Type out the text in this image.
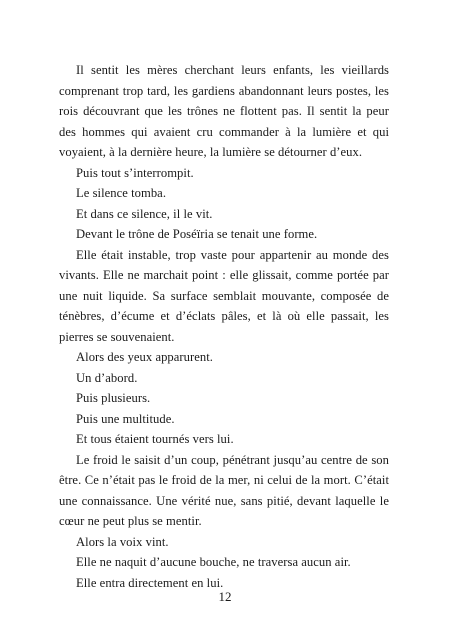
Il sentit les mères cherchant leurs enfants, les vieillards comprenant trop tard, les gardiens abandonnant leurs postes, les rois découvrant que les trônes ne flottent pas. Il sentit la peur des hommes qui avaient cru commander à la lumière et qui voyaient, à la dernière heure, la lumière se détourner d’eux.

Puis tout s’interrompit.

Le silence tomba.

Et dans ce silence, il le vit.

Devant le trône de Poséïria se tenait une forme.

Elle était instable, trop vaste pour appartenir au monde des vivants. Elle ne marchait point : elle glissait, comme portée par une nuit liquide. Sa surface semblait mouvante, composée de ténèbres, d’écume et d’éclats pâles, et là où elle passait, les pierres se souvenaient.

Alors des yeux apparurent.

Un d’abord.

Puis plusieurs.

Puis une multitude.

Et tous étaient tournés vers lui.

Le froid le saisit d’un coup, pénétrant jusqu’au centre de son être. Ce n’était pas le froid de la mer, ni celui de la mort. C’était une connaissance. Une vérité nue, sans pitié, devant laquelle le cœur ne peut plus se mentir.

Alors la voix vint.

Elle ne naquit d’aucune bouche, ne traversa aucun air.

Elle entra directement en lui.

12
